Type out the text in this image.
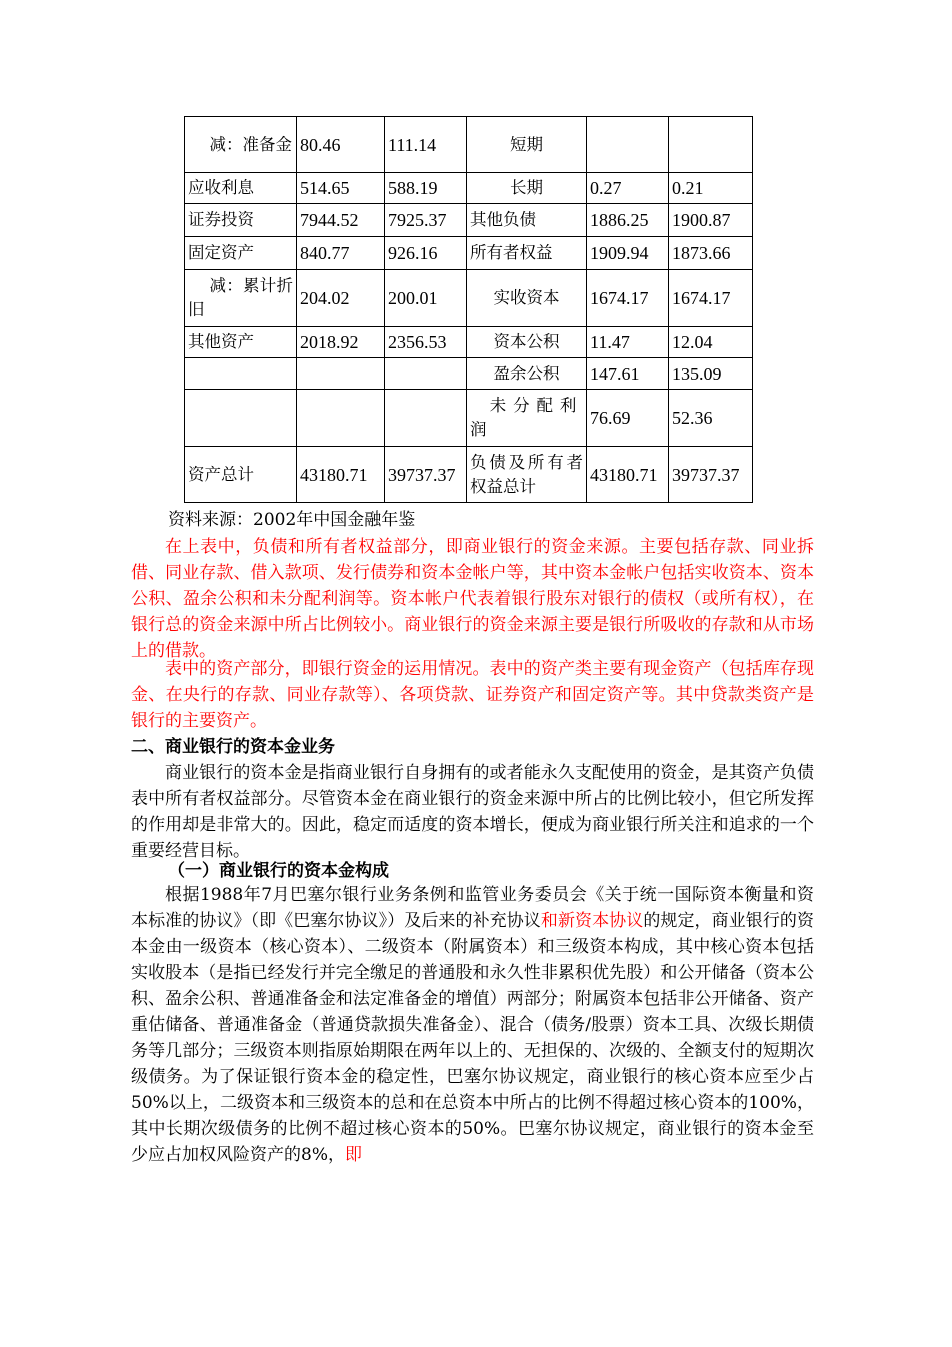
减：准备金	80.46	111.14	短期		
应收利息	514.65	588.19	长期	0.27	0.21
证券投资	7944.52	7925.37	其他负债	1886.25	1900.87
固定资产	840.77	926.16	所有者权益	1909.94	1873.66
减：累计折旧	204.02	200.01	实收资本	1674.17	1674.17
其他资产	2018.92	2356.53	资本公积	11.47	12.04
			盈余公积	147.61	135.09
			未分配利润	76.69	52.36
资产总计	43180.71	39737.37	负债及所有者权益总计	43180.71	39737.37
资料来源：2002年中国金融年鉴

在上表中，负债和所有者权益部分，即商业银行的资金来源。主要包括存款、同业拆借、同业存款、借入款项、发行债券和资本金帐户等，其中资本金帐户包括实收资本、资本公积、盈余公积和未分配利润等。资本帐户代表着银行股东对银行的债权（或所有权），在银行总的资金来源中所占比例较小。商业银行的资金来源主要是银行所吸收的存款和从市场上的借款。

表中的资产部分，即银行资金的运用情况。表中的资产类主要有现金资产（包括库存现金、在央行的存款、同业存款等）、各项贷款、证券资产和固定资产等。其中贷款类资产是银行的主要资产。

二、商业银行的资本金业务

商业银行的资本金是指商业银行自身拥有的或者能永久支配使用的资金，是其资产负债表中所有者权益部分。尽管资本金在商业银行的资金来源中所占的比例比较小，但它所发挥的作用却是非常大的。因此，稳定而适度的资本增长，便成为商业银行所关注和追求的一个重要经营目标。

（一）商业银行的资本金构成

根据1988年7月巴塞尔银行业务条例和监管业务委员会《关于统一国际资本衡量和资本标准的协议》（即《巴塞尔协议》）及后来的补充协议和新资本协议的规定，商业银行的资本金由一级资本（核心资本）、二级资本（附属资本）和三级资本构成，其中核心资本包括实收股本（是指已经发行并完全缴足的普通股和永久性非累积优先股）和公开储备（资本公积、盈余公积、普通准备金和法定准备金的增值）两部分；附属资本包括非公开储备、资产重估储备、普通准备金（普通贷款损失准备金）、混合（债务/股票）资本工具、次级长期债务等几部分；三级资本则指原始期限在两年以上的、无担保的、次级的、全额支付的短期次级债务。为了保证银行资本金的稳定性，巴塞尔协议规定，商业银行的核心资本应至少占50%以上，二级资本和三级资本的总和在总资本中所占的比例不得超过核心资本的100%，其中长期次级债务的比例不超过核心资本的50%。巴塞尔协议规定，商业银行的资本金至少应占加权风险资产的8%，即
